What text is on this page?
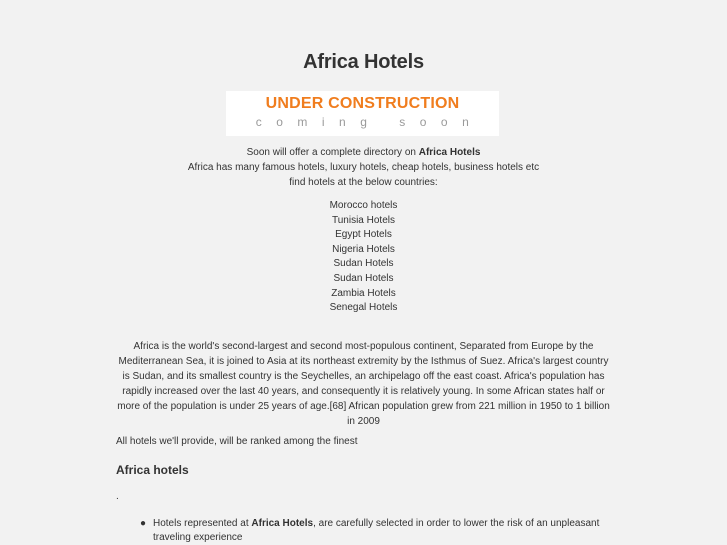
Africa Hotels
UNDER CONSTRUCTION
coming soon
Soon will offer a complete directory on Africa Hotels
Africa has many famous hotels, luxury hotels, cheap hotels, business hotels etc
find hotels at the below countries:
Morocco hotels
Tunisia Hotels
Egypt Hotels
Nigeria Hotels
Sudan Hotels
Sudan Hotels
Zambia Hotels
Senegal Hotels

Africa is the world's second-largest and second most-populous continent, Separated from Europe by the Mediterranean Sea, it is joined to Asia at its northeast extremity by the Isthmus of Suez. Africa's largest country is Sudan, and its smallest country is the Seychelles, an archipelago off the east coast. Africa's population has rapidly increased over the last 40 years, and consequently it is relatively young. In some African states half or more of the population is under 25 years of age.[68] African population grew from 221 million in 1950 to 1 billion in 2009

All hotels we'll provide, will be ranked among the finest

Africa hotels

.

● Hotels represented at Africa Hotels, are carefully selected in order to lower the risk of an unpleasant traveling experience
